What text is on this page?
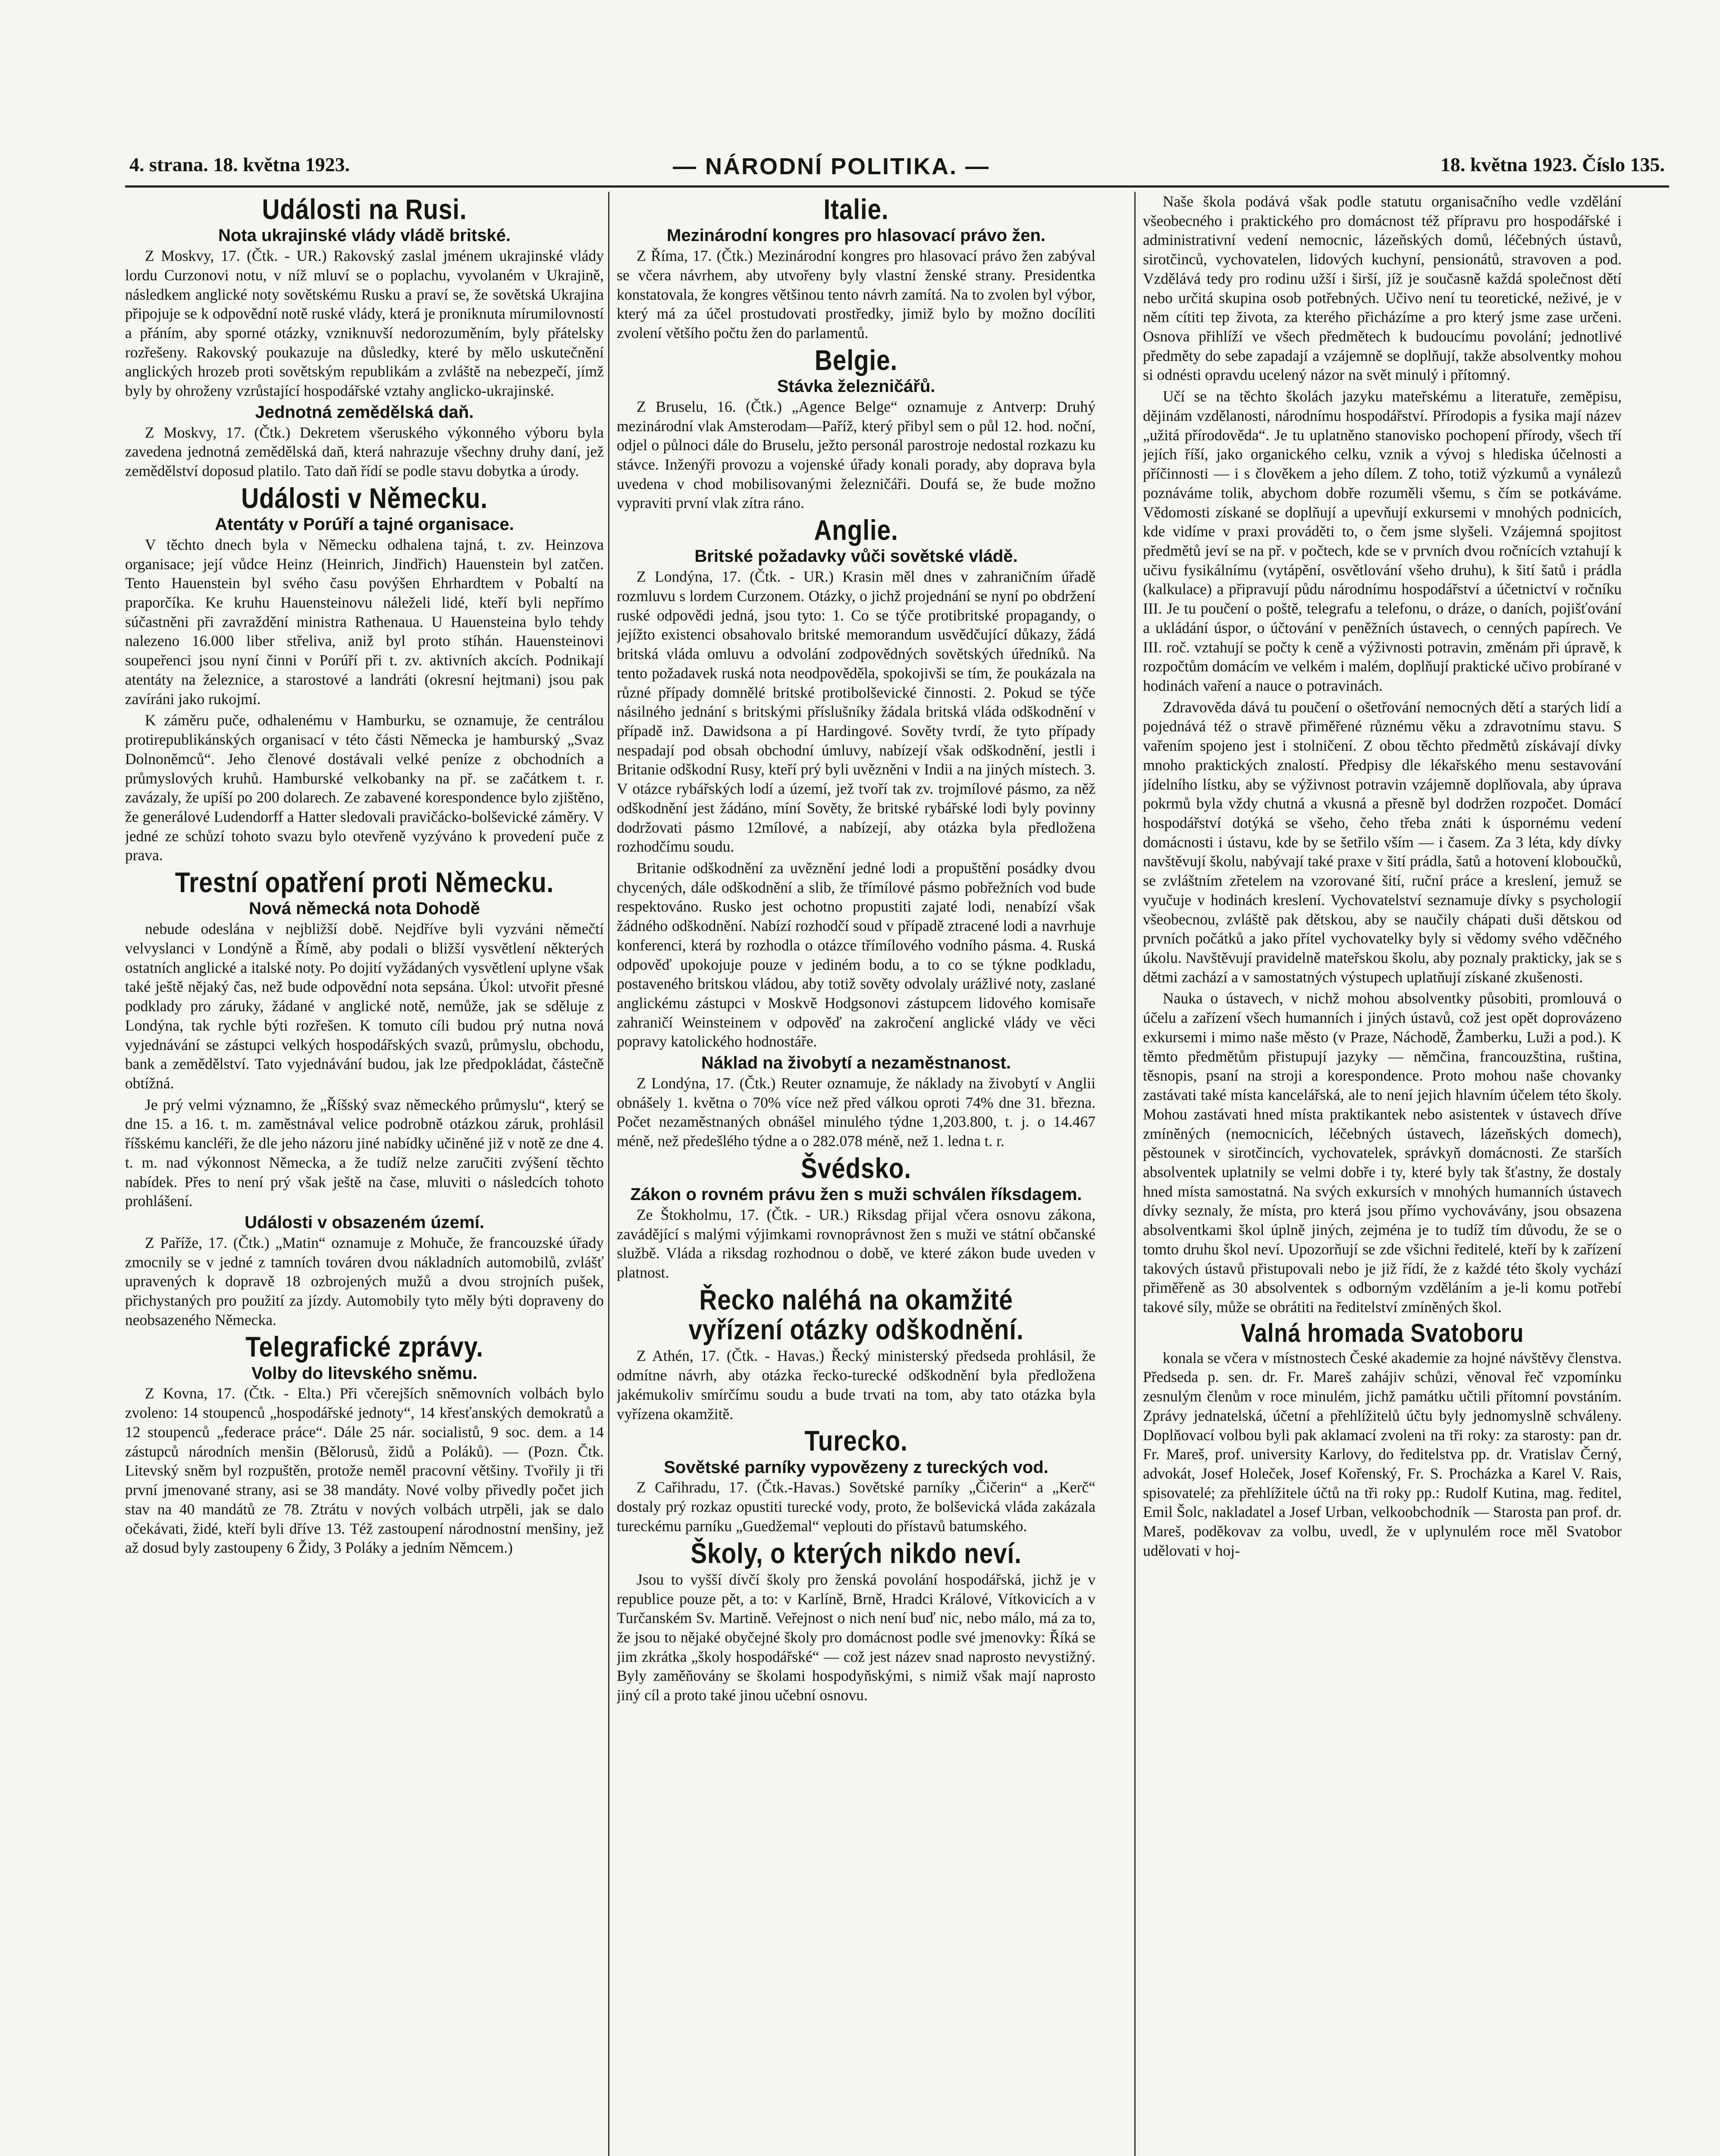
4. strana. 18. května 1923.	— NÁRODNÍ POLITIKA. —	18. května 1923. Číslo 135.
Události na Rusi.
Nota ukrajinské vlády vládě britské.

Z Moskvy, 17. (Čtk. - UR.) Rakovský zaslal jménem ukrajinské vlády lordu Curzonovi notu, v níž mluví se o poplachu, vyvolaném v Ukrajině, následkem anglické noty sovětskému Rusku a praví se, že sovětská Ukrajina připojuje se k odpovědní notě ruské vlády, která je proniknuta mírumilovností a přáním, aby sporné otázky, vzniknuvší nedorozuměním, byly přátelsky rozřešeny. Rakovský poukazuje na důsledky, které by mělo uskutečnění anglických hrozeb proti sovětským republikám a zvláště na nebezpečí, jímž byly by ohroženy vzrůstající hospodářské vztahy anglicko-ukrajinské.

Jednotná zemědělská daň.

Z Moskvy, 17. (Čtk.) Dekretem všeruského výkonného výboru byla zavedena jednotná zemědělská daň, která nahrazuje všechny druhy daní, jež zemědělství doposud platilo. Tato daň řídí se podle stavu dobytka a úrody.

Události v Německu.
Atentáty v Porúří a tajné organisace.

V těchto dnech byla v Německu odhalena tajná, t. zv. Heinzova organisace; její vůdce Heinz (Heinrich, Jindřich) Hauenstein byl zatčen. Tento Hauenstein byl svého času povýšen Ehrhardtem v Pobaltí na praporčíka. Ke kruhu Hauensteinovu náleželi lidé, kteří byli nepřímo súčastněni při zavraždění ministra Rathenaua. U Hauensteina bylo tehdy nalezeno 16.000 liber střeliva, aniž byl proto stíhán. Hauensteinovi soupeřenci jsou nyní činni v Porúří při t. zv. aktivních akcích. Podnikají atentáty na železnice, a starostové a landráti (okresní hejtmani) jsou pak zavíráni jako rukojmí.

K záměru puče, odhalenému v Hamburku, se oznamuje, že centrálou protirepublikánských organisací v této části Německa je hamburský „Svaz Dolnoněmců“. Jeho členové dostávali velké peníze z obchodních a průmyslových kruhů. Hamburské velkobanky na př. se začátkem t. r. zavázaly, že upíší po 200 dolarech. Ze zabavené korespondence bylo zjištěno, že generálové Ludendorff a Hatter sledovali pravičácko-bolševické záměry. V jedné ze schůzí tohoto svazu bylo otevřeně vyzýváno k provedení puče z prava.

Trestní opatření proti Německu.
Nová německá nota Dohodě

nebude odeslána v nejbližší době. Nejdříve byli vyzváni němečtí velvyslanci v Londýně a Římě, aby podali o bližší vysvětlení některých ostatních anglické a italské noty. Po dojití vyžádaných vysvětlení uplyne však také ještě nějaký čas, než bude odpovědní nota sepsána. Úkol: utvořit přesné podklady pro záruky, žádané v anglické notě, nemůže, jak se sděluje z Londýna, tak rychle býti rozřešen. K tomuto cíli budou prý nutna nová vyjednávání se zástupci velkých hospodářských svazů, průmyslu, obchodu, bank a zemědělství. Tato vyjednávání budou, jak lze předpokládat, částečně obtížná.

Je prý velmi významno, že „Říšský svaz německého průmyslu“, který se dne 15. a 16. t. m. zaměstnával velice podrobně otázkou záruk, prohlásil říšskému kancléři, že dle jeho názoru jiné nabídky učiněné již v notě ze dne 4. t. m. nad výkonnost Německa, a že tudíž nelze zaručiti zvýšení těchto nabídek. Přes to není prý však ještě na čase, mluviti o následcích tohoto prohlášení.

Události v obsazeném území.

Z Paříže, 17. (Čtk.) „Matin“ oznamuje z Mohuče, že francouzské úřady zmocnily se v jedné z tamních továren dvou nákladních automobilů, zvlášť upravených k dopravě 18 ozbrojených mužů a dvou strojních pušek, přichystaných pro použití za jízdy. Automobily tyto měly býti dopraveny do neobsazeného Německa.

Telegrafické zprávy.
Volby do litevského sněmu.

Z Kovna, 17. (Čtk. - Elta.) Při včerejších sněmovních volbách bylo zvoleno: 14 stoupenců „hospodářské jednoty“, 14 křesťanských demokratů a 12 stoupenců „federace práce“. Dále 25 nár. socialistů, 9 soc. dem. a 14 zástupců národních menšin (Bělorusů, židů a Poláků). — (Pozn. Čtk. Litevský sněm byl rozpuštěn, protože neměl pracovní většiny. Tvořily ji tři první jmenované strany, asi se 38 mandáty. Nové volby přivedly počet jich stav na 40 mandátů ze 78. Ztrátu v nových volbách utrpěli, jak se dalo očekávati, židé, kteří byli dříve 13. Též zastoupení národnostní menšiny, jež až dosud byly zastoupeny 6 Židy, 3 Poláky a jedním Němcem.)

Italie.
Mezinárodní kongres pro hlasovací právo žen.

Z Říma, 17. (Čtk.) Mezinárodní kongres pro hlasovací právo žen zabýval se včera návrhem, aby utvořeny byly vlastní ženské strany. Presidentka konstatovala, že kongres většinou tento návrh zamítá. Na to zvolen byl výbor, který má za účel prostudovati prostředky, jimiž bylo by možno docíliti zvolení většího počtu žen do parlamentů.

Belgie.
Stávka železničářů.

Z Bruselu, 16. (Čtk.) „Agence Belge“ oznamuje z Antverp: Druhý mezinárodní vlak Amsterodam—Paříž, který přibyl sem o půl 12. hod. noční, odjel o půlnoci dále do Bruselu, ježto personál parostroje nedostal rozkazu ku stávce. Inženýři provozu a vojenské úřady konali porady, aby doprava byla uvedena v chod mobilisovanými železničáři. Doufá se, že bude možno vypraviti první vlak zítra ráno.

Anglie.
Britské požadavky vůči sovětské vládě.

Z Londýna, 17. (Čtk. - UR.) Krasin měl dnes v zahraničním úřadě rozmluvu s lordem Curzonem. Otázky, o jichž projednání se nyní po obdržení ruské odpovědi jedná, jsou tyto: 1. Co se týče protibritské propagandy, o jejížto existenci obsahovalo britské memorandum usvědčující důkazy, žádá britská vláda omluvu a odvolání zodpovědných sovětských úředníků. Na tento požadavek ruská nota neodpověděla, spokojivši se tím, že poukázala na různé případy domnělé britské protibolševické činnosti. 2. Pokud se týče násilného jednání s britskými příslušníky žádala britská vláda odškodnění v případě inž. Dawidsona a pí Hardingové. Sověty tvrdí, že tyto případy nespadají pod obsah obchodní úmluvy, nabízejí však odškodnění, jestli i Britanie odškodní Rusy, kteří prý byli uvězněni v Indii a na jiných místech. 3. V otázce rybářských lodí a území, jež tvoří tak zv. trojmílové pásmo, za něž odškodnění jest žádáno, míní Sověty, že britské rybářské lodi byly povinny dodržovati pásmo 12mílové, a nabízejí, aby otázka byla předložena rozhodčímu soudu.

Britanie odškodnění za uvěznění jedné lodi a propuštění posádky dvou chycených, dále odškodnění a slib, že třímílové pásmo pobřežních vod bude respektováno. Rusko jest ochotno propustiti zajaté lodi, nenabízí však žádného odškodnění. Nabízí rozhodčí soud v případě ztracené lodi a navrhuje konferenci, která by rozhodla o otázce třímílového vodního pásma. 4. Ruská odpověď upokojuje pouze v jediném bodu, a to co se týkne podkladu, postaveného britskou vládou, aby totiž sověty odvolaly urážlivé noty, zaslané anglickému zástupci v Moskvě Hodgsonovi zástupcem lidového komisaře zahraničí Weinsteinem v odpověď na zakročení anglické vlády ve věci popravy katolického hodnostáře.

Náklad na živobytí a nezaměstnanost.

Z Londýna, 17. (Čtk.) Reuter oznamuje, že náklady na živobytí v Anglii obnášely 1. května o 70% více než před válkou oproti 74% dne 31. března. Počet nezaměstnaných obnášel minulého týdne 1,203.800, t. j. o 14.467 méně, než předešlého týdne a o 282.078 méně, než 1. ledna t. r.

Švédsko.
Zákon o rovném právu žen s muži schválen říksdagem.

Ze Štokholmu, 17. (Čtk. - UR.) Riksdag přijal včera osnovu zákona, zavádějící s malými výjimkami rovnoprávnost žen s muži ve státní občanské službě. Vláda a riksdag rozhodnou o době, ve které zákon bude uveden v platnost.

Řecko naléhá na okamžité vyřízení otázky odškodnění.

Z Athén, 17. (Čtk. - Havas.) Řecký ministerský předseda prohlásil, že odmítne návrh, aby otázka řecko-turecké odškodnění byla předložena jakémukoliv smírčímu soudu a bude trvati na tom, aby tato otázka byla vyřízena okamžitě.

Turecko.
Sovětské parníky vypovězeny z tureckých vod.

Z Cařihradu, 17. (Čtk.-Havas.) Sovětské parníky „Čičerin“ a „Kerč“ dostaly prý rozkaz opustiti turecké vody, proto, že bolševická vláda zakázala tureckému parníku „Guedžemal“ veplouti do přístavů batumského.

Školy, o kterých nikdo neví.

Jsou to vyšší dívčí školy pro ženská povolání hospodářská, jichž je v republice pouze pět, a to: v Karlíně, Brně, Hradci Králové, Vítkovicích a v Turčanském Sv. Martině. Veřejnost o nich není buď nic, nebo málo, má za to, že jsou to nějaké obyčejné školy pro domácnost podle své jmenovky: Říká se jim zkrátka „školy hospodářské“ — což jest název snad naprosto nevystižný. Byly zaměňovány se školami hospodyňskými, s nimiž však mají naprosto jiný cíl a proto také jinou učební osnovu.

Naše škola podává však podle statutu organisačního vedle vzdělání všeobecného i praktického pro domácnost též přípravu pro hospodářské i administrativní vedení nemocnic, lázeňských domů, léčebných ústavů, sirotčinců, vychovatelen, lidových kuchyní, pensionátů, stravoven a pod. Vzdělává tedy pro rodinu užší i širší, jíž je současně každá společnost dětí nebo určitá skupina osob potřebných. Učivo není tu teoretické, neživé, je v něm cítiti tep života, za kterého přicházíme a pro který jsme zase určeni. Osnova přihlíží ve všech předmětech k budoucímu povolání; jednotlivé předměty do sebe zapadají a vzájemně se doplňují, takže absolventky mohou si odnésti opravdu ucelený názor na svět minulý i přítomný.

Učí se na těchto školách jazyku mateřskému a literatuře, zeměpisu, dějinám vzdělanosti, národnímu hospodářství. Přírodopis a fysika mají název „užitá přírodověda“. Je tu uplatněno stanovisko pochopení přírody, všech tří jejích říší, jako organického celku, vznik a vývoj s hlediska účelnosti a příčinnosti — i s člověkem a jeho dílem. Z toho, totiž výzkumů a vynálezů poznáváme tolik, abychom dobře rozuměli všemu, s čím se potkáváme. Vědomosti získané se doplňují a upevňují exkursemi v mnohých podnicích, kde vidíme v praxi prováděti to, o čem jsme slyšeli. Vzájemná spojitost předmětů jeví se na př. v počtech, kde se v prvních dvou ročnících vztahují k učivu fysikálnímu (vytápění, osvětlování všeho druhu), k šití šatů i prádla (kalkulace) a připravují půdu národnímu hospodářství a účetnictví v ročníku III. Je tu poučení o poště, telegrafu a telefonu, o dráze, o daních, pojišťování a ukládání úspor, o účtování v peněžních ústavech, o cenných papírech. Ve III. roč. vztahují se počty k ceně a výživnosti potravin, změnám při úpravě, k rozpočtům domácím ve velkém i malém, doplňují praktické učivo probírané v hodinách vaření a nauce o potravinách.

Zdravověda dává tu poučení o ošetřování nemocných dětí a starých lidí a pojednává též o stravě přiměřené různému věku a zdravotnímu stavu. S vařením spojeno jest i stolničení. Z obou těchto předmětů získávají dívky mnoho praktických znalostí. Předpisy dle lékařského menu sestavování jídelního lístku, aby se výživnost potravin vzájemně doplňovala, aby úprava pokrmů byla vždy chutná a vkusná a přesně byl dodržen rozpočet. Domácí hospodářství dotýká se všeho, čeho třeba znáti k úspornému vedení domácnosti i ústavu, kde by se šetřilo vším — i časem. Za 3 léta, kdy dívky navštěvují školu, nabývají také praxe v šití prádla, šatů a hotovení kloboučků, se zvláštním zřetelem na vzorované šití, ruční práce a kreslení, jemuž se vyučuje v hodinách kreslení. Vychovatelství seznamuje dívky s psychologií všeobecnou, zvláště pak dětskou, aby se naučily chápati duši dětskou od prvních počátků a jako přítel vychovatelky byly si vědomy svého vděčného úkolu. Navštěvují pravidelně mateřskou školu, aby poznaly prakticky, jak se s dětmi zachází a v samostatných výstupech uplatňují získané zkušenosti.

Nauka o ústavech, v nichž mohou absolventky působiti, promlouvá o účelu a zařízení všech humanních i jiných ústavů, což jest opět doprovázeno exkursemi i mimo naše město (v Praze, Náchodě, Žamberku, Luži a pod.). K těmto předmětům přistupují jazyky — němčina, francouzština, ruština, těsnopis, psaní na stroji a korespondence. Proto mohou naše chovanky zastávati také místa kancelářská, ale to není jejich hlavním účelem této školy. Mohou zastávati hned místa praktikantek nebo asistentek v ústavech dříve zmíněných (nemocnicích, léčebných ústavech, lázeňských domech), pěstounek v sirotčincích, vychovatelek, správkyň domácnosti. Ze starších absolventek uplatnily se velmi dobře i ty, které byly tak šťastny, že dostaly hned místa samostatná. Na svých exkursích v mnohých humanních ústavech dívky seznaly, že místa, pro která jsou přímo vychovávány, jsou obsazena absolventkami škol úplně jiných, zejména je to tudíž tím důvodu, že se o tomto druhu škol neví. Upozorňují se zde všichni ředitelé, kteří by k zařízení takových ústavů přistupovali nebo je již řídí, že z každé této školy vychází přiměřeně as 30 absolventek s odborným vzděláním a je-li komu potřebí takové síly, může se obrátiti na ředitelství zmíněných škol.

Valná hromada Svatoboru

konala se včera v místnostech České akademie za hojné návštěvy členstva. Předseda p. sen. dr. Fr. Mareš zahájiv schůzi, věnoval řeč vzpomínku zesnulým členům v roce minulém, jichž památku učtili přítomní povstáním. Zprávy jednatelská, účetní a přehlížitelů účtu byly jednomyslně schváleny. Doplňovací volbou byli pak aklamací zvoleni na tři roky: za starosty: pan dr. Fr. Mareš, prof. university Karlovy, do ředitelstva pp. dr. Vratislav Černý, advokát, Josef Holeček, Josef Kořenský, Fr. S. Procházka a Karel V. Rais, spisovatelé; za přehlížitele účtů na tři roky pp.: Rudolf Kutina, mag. ředitel, Emil Šolc, nakladatel a Josef Urban, velkoobchodník — Starosta pan prof. dr. Mareš, poděkovav za volbu, uvedl, že v uplynulém roce měl Svatobor udělovati v hoj-
